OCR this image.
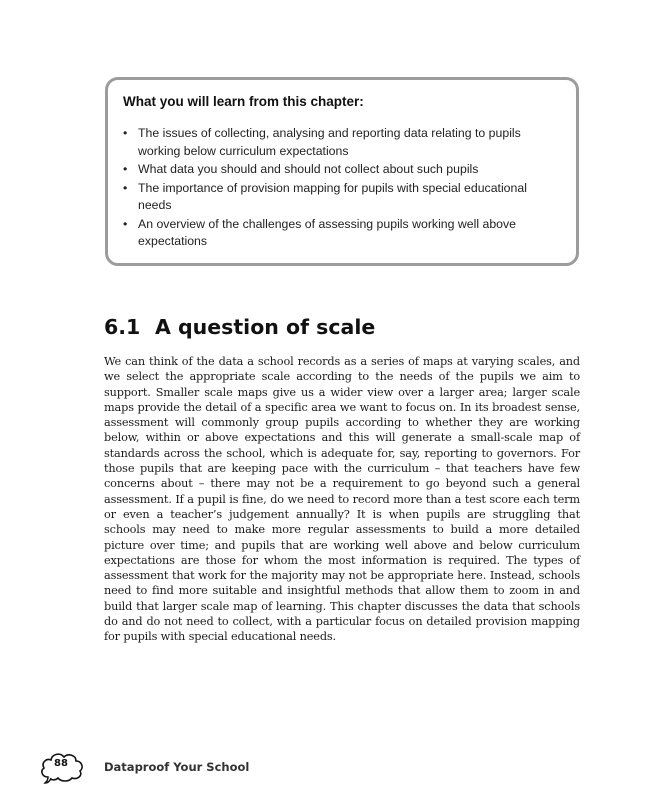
What you will learn from this chapter:
• The issues of collecting, analysing and reporting data relating to pupils working below curriculum expectations
• What data you should and should not collect about such pupils
• The importance of provision mapping for pupils with special educational needs
• An overview of the challenges of assessing pupils working well above expectations
6.1 A question of scale

We can think of the data a school records as a series of maps at varying scales, and we select the appropriate scale according to the needs of the pupils we aim to support. Smaller scale maps give us a wider view over a larger area; larger scale maps provide the detail of a specific area we want to focus on. In its broadest sense, assessment will commonly group pupils according to whether they are working below, within or above expectations and this will generate a small-scale map of standards across the school, which is adequate for, say, reporting to governors. For those pupils that are keeping pace with the curriculum – that teachers have few concerns about – there may not be a requirement to go beyond such a general assessment. If a pupil is fine, do we need to record more than a test score each term or even a teacher’s judgement annually? It is when pupils are struggling that schools may need to make more regular assessments to build a more detailed picture over time; and pupils that are working well above and below curriculum expectations are those for whom the most information is required. The types of assessment that work for the majority may not be appropriate here. Instead, schools need to find more suitable and insightful methods that allow them to zoom in and build that larger scale map of learning. This chapter discusses the data that schools do and do not need to collect, with a particular focus on detailed provision mapping for pupils with special educational needs.

88	Dataproof Your School
